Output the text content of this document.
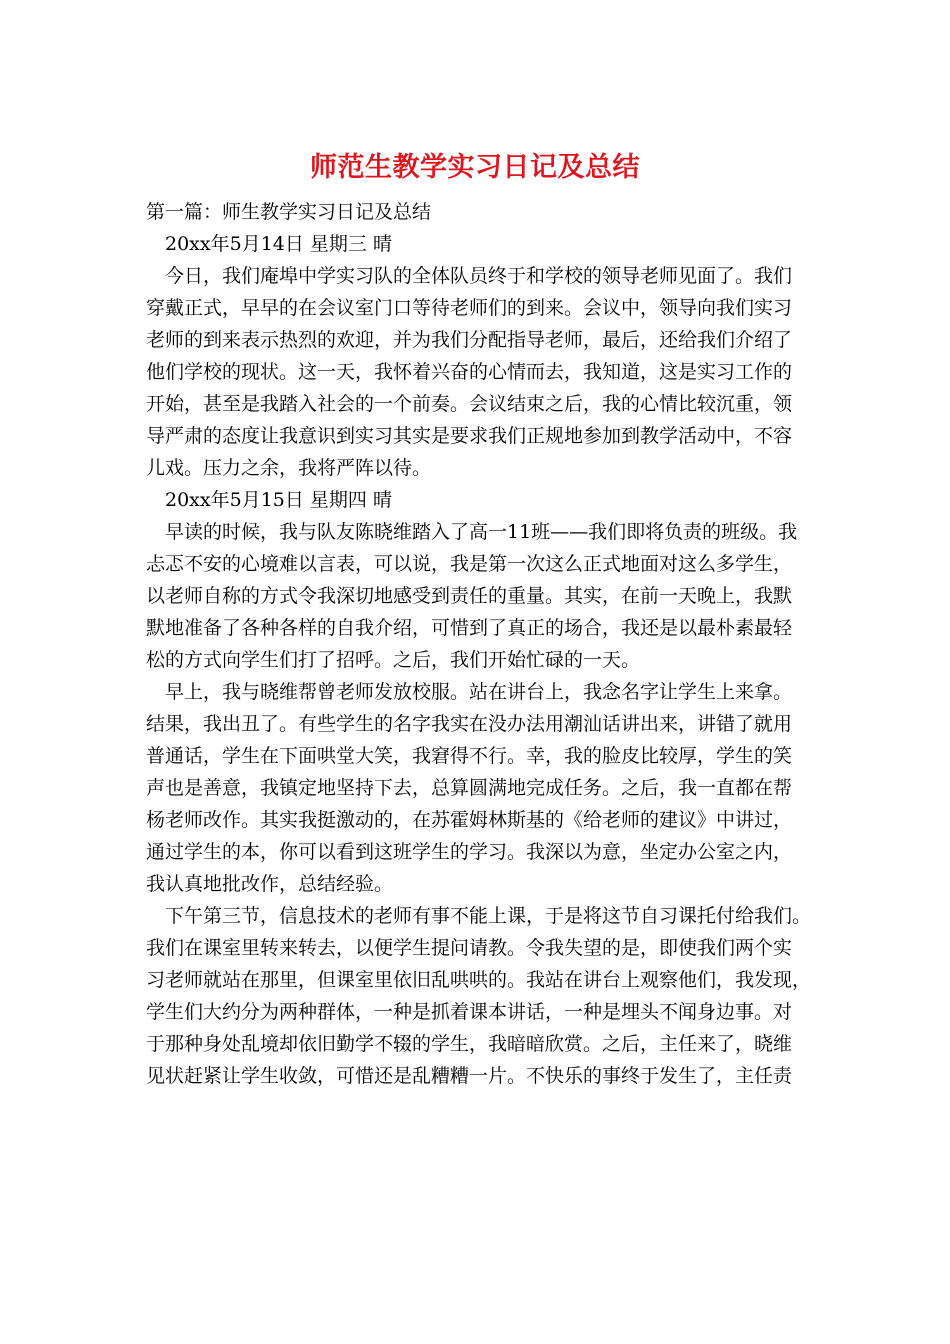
师范生教学实习日记及总结
第一篇：师生教学实习日记及总结
20xx年5月14日 星期三 晴
今日，我们庵埠中学实习队的全体队员终于和学校的领导老师见面了。我们
穿戴正式，早早的在会议室门口等待老师们的到来。会议中，领导向我们实习
老师的到来表示热烈的欢迎，并为我们分配指导老师，最后，还给我们介绍了
他们学校的现状。这一天，我怀着兴奋的心情而去，我知道，这是实习工作的
开始，甚至是我踏入社会的一个前奏。会议结束之后，我的心情比较沉重，领
导严肃的态度让我意识到实习其实是要求我们正规地参加到教学活动中，不容
儿戏。压力之余，我将严阵以待。
20xx年5月15日 星期四 晴
早读的时候，我与队友陈晓维踏入了高一11班——我们即将负责的班级。我
忐忑不安的心境难以言表，可以说，我是第一次这么正式地面对这么多学生，
以老师自称的方式令我深切地感受到责任的重量。其实，在前一天晚上，我默
默地准备了各种各样的自我介绍，可惜到了真正的场合，我还是以最朴素最轻
松的方式向学生们打了招呼。之后，我们开始忙碌的一天。
早上，我与晓维帮曾老师发放校服。站在讲台上，我念名字让学生上来拿。
结果，我出丑了。有些学生的名字我实在没办法用潮汕话讲出来，讲错了就用
普通话，学生在下面哄堂大笑，我窘得不行。幸，我的脸皮比较厚，学生的笑
声也是善意，我镇定地坚持下去，总算圆满地完成任务。之后，我一直都在帮
杨老师改作。其实我挺激动的，在苏霍姆林斯基的《给老师的建议》中讲过，
通过学生的本，你可以看到这班学生的学习。我深以为意，坐定办公室之内，
我认真地批改作，总结经验。
下午第三节，信息技术的老师有事不能上课，于是将这节自习课托付给我们。
我们在课室里转来转去，以便学生提问请教。令我失望的是，即使我们两个实
习老师就站在那里，但课室里依旧乱哄哄的。我站在讲台上观察他们，我发现，
学生们大约分为两种群体，一种是抓着课本讲话，一种是埋头不闻身边事。对
于那种身处乱境却依旧勤学不辍的学生，我暗暗欣赏。之后，主任来了，晓维
见状赶紧让学生收敛，可惜还是乱糟糟一片。不快乐的事终于发生了，主任责
